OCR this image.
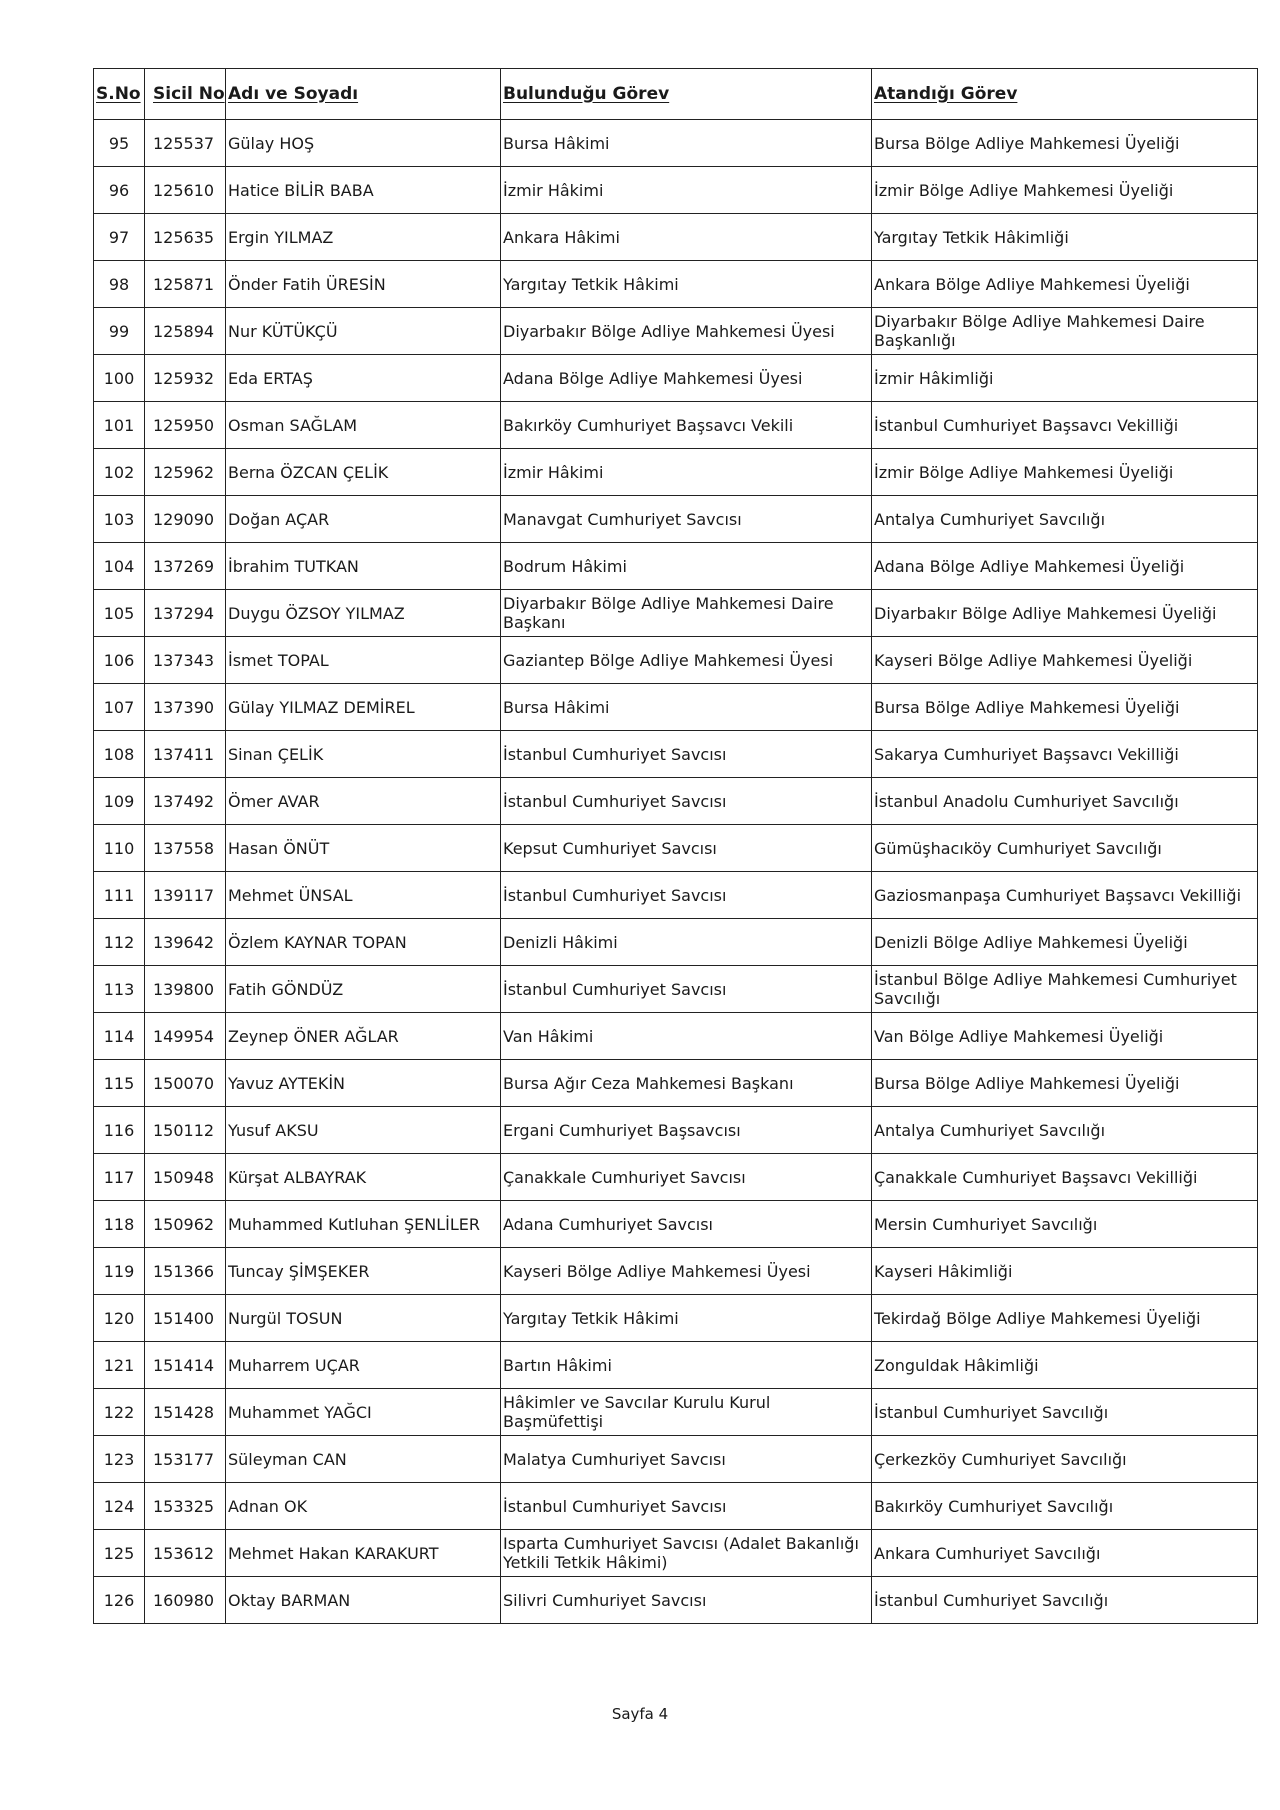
S.No	Sicil No	Adı ve Soyadı	Bulunduğu Görev	Atandığı Görev
95	125537	Gülay HOŞ	Bursa Hâkimi	Bursa Bölge Adliye Mahkemesi Üyeliği
96	125610	Hatice BİLİR BABA	İzmir Hâkimi	İzmir Bölge Adliye Mahkemesi Üyeliği
97	125635	Ergin YILMAZ	Ankara Hâkimi	Yargıtay Tetkik Hâkimliği
98	125871	Önder Fatih ÜRESİN	Yargıtay Tetkik Hâkimi	Ankara Bölge Adliye Mahkemesi Üyeliği
99	125894	Nur KÜTÜKÇÜ	Diyarbakır Bölge Adliye Mahkemesi Üyesi	Diyarbakır Bölge Adliye Mahkemesi Daire Başkanlığı
100	125932	Eda ERTAŞ	Adana Bölge Adliye Mahkemesi Üyesi	İzmir Hâkimliği
101	125950	Osman SAĞLAM	Bakırköy Cumhuriyet Başsavcı Vekili	İstanbul Cumhuriyet Başsavcı Vekilliği
102	125962	Berna ÖZCAN ÇELİK	İzmir Hâkimi	İzmir Bölge Adliye Mahkemesi Üyeliği
103	129090	Doğan AÇAR	Manavgat Cumhuriyet Savcısı	Antalya Cumhuriyet Savcılığı
104	137269	İbrahim TUTKAN	Bodrum Hâkimi	Adana Bölge Adliye Mahkemesi Üyeliği
105	137294	Duygu ÖZSOY YILMAZ	Diyarbakır Bölge Adliye Mahkemesi Daire Başkanı	Diyarbakır Bölge Adliye Mahkemesi Üyeliği
106	137343	İsmet TOPAL	Gaziantep Bölge Adliye Mahkemesi Üyesi	Kayseri Bölge Adliye Mahkemesi Üyeliği
107	137390	Gülay YILMAZ DEMİREL	Bursa Hâkimi	Bursa Bölge Adliye Mahkemesi Üyeliği
108	137411	Sinan ÇELİK	İstanbul Cumhuriyet Savcısı	Sakarya Cumhuriyet Başsavcı Vekilliği
109	137492	Ömer AVAR	İstanbul Cumhuriyet Savcısı	İstanbul Anadolu Cumhuriyet Savcılığı
110	137558	Hasan ÖNÜT	Kepsut Cumhuriyet Savcısı	Gümüşhacıköy Cumhuriyet Savcılığı
111	139117	Mehmet ÜNSAL	İstanbul Cumhuriyet Savcısı	Gaziosmanpaşa Cumhuriyet Başsavcı Vekilliği
112	139642	Özlem KAYNAR TOPAN	Denizli Hâkimi	Denizli Bölge Adliye Mahkemesi Üyeliği
113	139800	Fatih GÖNDÜZ	İstanbul Cumhuriyet Savcısı	İstanbul Bölge Adliye Mahkemesi Cumhuriyet Savcılığı
114	149954	Zeynep ÖNER AĞLAR	Van Hâkimi	Van Bölge Adliye Mahkemesi Üyeliği
115	150070	Yavuz AYTEKİN	Bursa Ağır Ceza Mahkemesi Başkanı	Bursa Bölge Adliye Mahkemesi Üyeliği
116	150112	Yusuf AKSU	Ergani Cumhuriyet Başsavcısı	Antalya Cumhuriyet Savcılığı
117	150948	Kürşat ALBAYRAK	Çanakkale Cumhuriyet Savcısı	Çanakkale Cumhuriyet Başsavcı Vekilliği
118	150962	Muhammed Kutluhan ŞENLİLER	Adana Cumhuriyet Savcısı	Mersin Cumhuriyet Savcılığı
119	151366	Tuncay ŞİMŞEKER	Kayseri Bölge Adliye Mahkemesi Üyesi	Kayseri Hâkimliği
120	151400	Nurgül TOSUN	Yargıtay Tetkik Hâkimi	Tekirdağ Bölge Adliye Mahkemesi Üyeliği
121	151414	Muharrem UÇAR	Bartın Hâkimi	Zonguldak Hâkimliği
122	151428	Muhammet YAĞCI	Hâkimler ve Savcılar Kurulu Kurul Başmüfettişi	İstanbul Cumhuriyet Savcılığı
123	153177	Süleyman CAN	Malatya Cumhuriyet Savcısı	Çerkezköy Cumhuriyet Savcılığı
124	153325	Adnan OK	İstanbul Cumhuriyet Savcısı	Bakırköy Cumhuriyet Savcılığı
125	153612	Mehmet Hakan KARAKURT	Isparta Cumhuriyet Savcısı (Adalet Bakanlığı Yetkili Tetkik Hâkimi)	Ankara Cumhuriyet Savcılığı
126	160980	Oktay BARMAN	Silivri Cumhuriyet Savcısı	İstanbul Cumhuriyet Savcılığı
Sayfa 4
